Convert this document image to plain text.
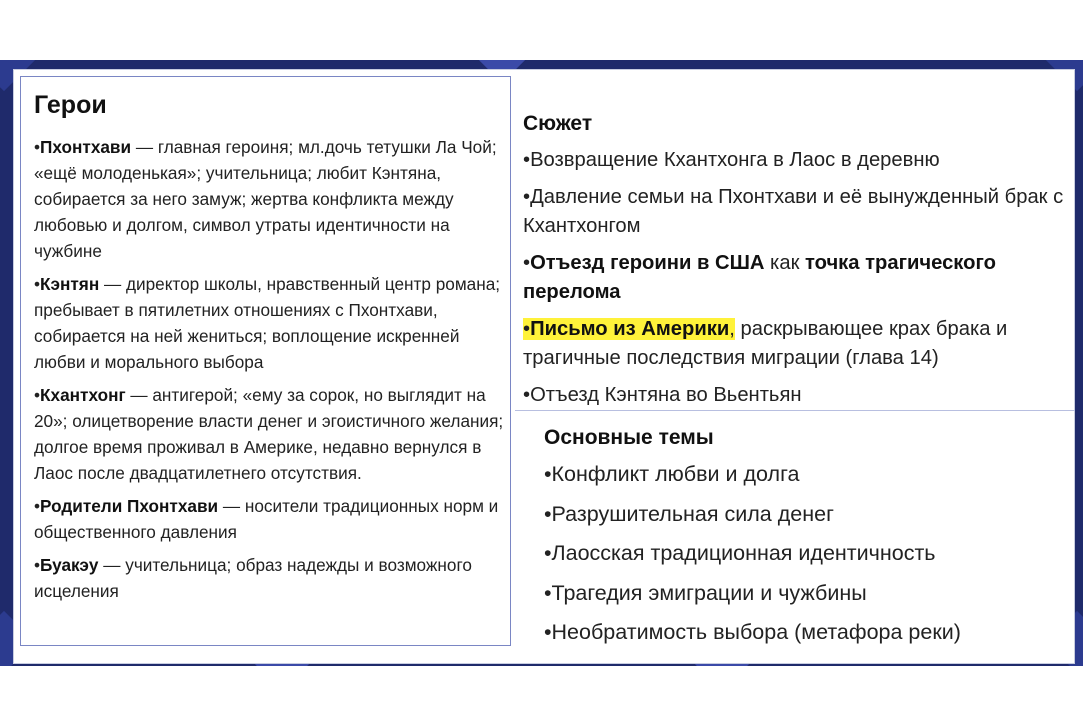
Герои
•Пхонтхави — главная героиня; мл.дочь тетушки Ла Чой; «ещё молоденькая»; учительница; любит Кэнтяна, собирается за него замуж; жертва конфликта между любовью и долгом, символ утраты идентичности на чужбине
•Кэнтян — директор школы, нравственный центр романа; пребывает в пятилетних отношениях с Пхонтхави, собирается на ней жениться; воплощение искренней любви и морального выбора
•Кхантхонг — антигерой; «ему за сорок, но выглядит на 20»; олицетворение власти денег и эгоистичного желания; долгое время проживал в Америке, недавно вернулся в Лаос после двадцатилетнего отсутствия.
•Родители Пхонтхави — носители традиционных норм и общественного давления
•Буакэу — учительница; образ надежды и возможного исцеления
Сюжет
•Возвращение Кхантхонга в Лаос в деревню
•Давление семьи на Пхонтхави и её вынужденный брак с Кхантхонгом
•Отъезд героини в США как точка трагического перелома
•Письмо из Америки, раскрывающее крах брака и трагичные последствия миграции (глава 14)
•Отъезд Кэнтяна во Вьентьян
Основные темы
•Конфликт любви и долга
•Разрушительная сила денег
•Лаосская традиционная идентичность
•Трагедия эмиграции и чужбины
•Необратимость выбора (метафора реки)
